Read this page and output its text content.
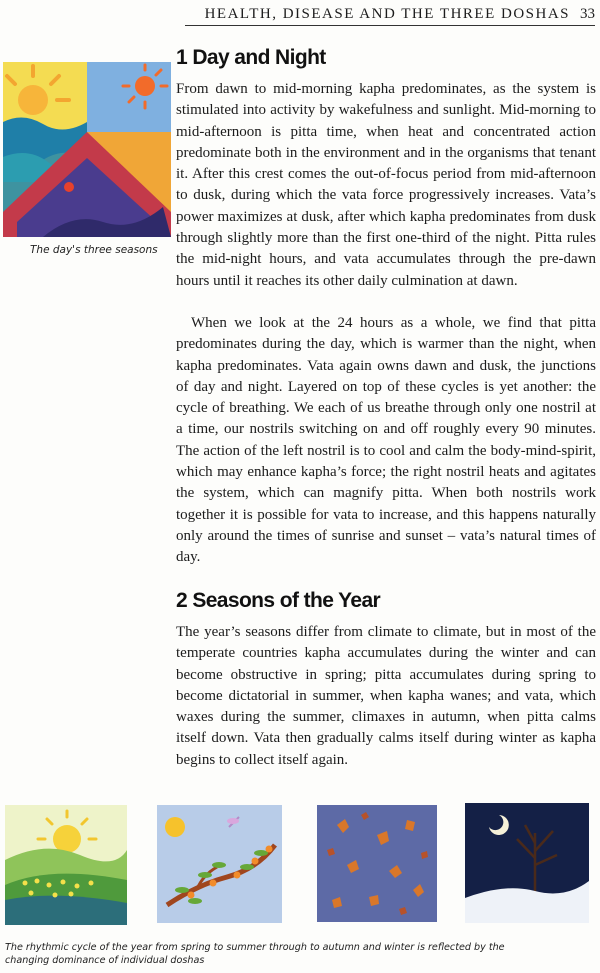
HEALTH, DISEASE AND THE THREE DOSHAS 33

The day's three seasons

1 Day and Night

From dawn to mid-morning kapha predominates, as the system is stimulated into activity by wakefulness and sunlight. Mid-morning to mid-afternoon is pitta time, when heat and concentrated action predominate both in the environment and in the organisms that tenant it. After this crest comes the out-of-focus period from mid-afternoon to dusk, during which the vata force progressively increases. Vata’s power maximizes at dusk, after which kapha predominates from dusk through slightly more than the first one-third of the night. Pitta rules the mid-night hours, and vata accumulates through the pre-dawn hours until it reaches its other daily culmination at dawn.

When we look at the 24 hours as a whole, we find that pitta predominates during the day, which is warmer than the night, when kapha predominates. Vata again owns dawn and dusk, the junctions of day and night. Layered on top of these cycles is yet another: the cycle of breathing. We each of us breathe through only one nostril at a time, our nostrils switching on and off roughly every 90 minutes. The action of the left nostril is to cool and calm the body-mind-spirit, which may enhance kapha’s force; the right nostril heats and agitates the system, which can magnify pitta. When both nostrils work together it is possible for vata to increase, and this happens naturally only around the times of sunrise and sunset – vata’s natural times of day.

2 Seasons of the Year

The year’s seasons differ from climate to climate, but in most of the temperate countries kapha accumulates during the winter and can become obstructive in spring; pitta accumulates during spring to become dictatorial in summer, when kapha wanes; and vata, which waxes during the summer, climaxes in autumn, when pitta calms itself down. Vata then gradually calms itself during winter as kapha begins to collect itself again.

The rhythmic cycle of the year from spring to summer through to autumn and winter is reflected by the changing dominance of individual doshas
